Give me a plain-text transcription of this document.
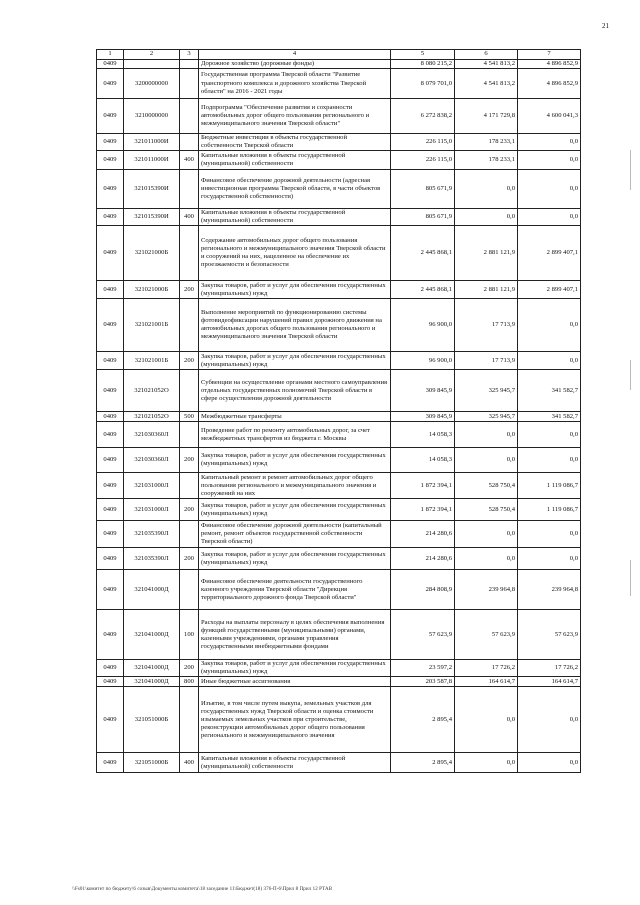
21
1	2	3	4	5	6	7
0409			Дорожное хозяйство (дорожные фонды)	8 080 215,2	4 541 813,2	4 896 852,9
0409	3200000000		Государственная программа Тверской области "Развитие транспортного комплекса и дорожного хозяйства Тверской области" на 2016 - 2021 годы	8 079 701,0	4 541 813,2	4 896 852,9
0409	3210000000		Подпрограмма "Обеспечение развития и сохранности автомобильных дорог общего пользования регионального и межмуниципального значения Тверской области"	6 272 838,2	4 171 729,8	4 600 041,3
0409	321011000И		Бюджетные инвестиции в объекты государственной собственности Тверской области	226 115,0	178 233,1	0,0
0409	321011000И	400	Капитальные вложения в объекты государственной (муниципальной) собственности	226 115,0	178 233,1	0,0
0409	321015390И		Финансовое обеспечение дорожной деятельности (адресная инвестиционная программа Тверской области, в части объектов государственной собственности)	805 671,9	0,0	0,0
0409	321015390И	400	Капитальные вложения в объекты государственной (муниципальной) собственности	805 671,9	0,0	0,0
0409	321021000Б		Содержание автомобильных дорог общего пользования регионального и межмуниципального значения Тверской области и сооружений на них, нацеленное на обеспечение их проезжаемости и безопасности	2 445 868,1	2 881 121,9	2 899 407,1
0409	321021000Б	200	Закупка товаров, работ и услуг для обеспечения государственных (муниципальных) нужд	2 445 868,1	2 881 121,9	2 899 407,1
0409	321021001Б		Выполнение мероприятий по функционированию системы фотовидеофиксации нарушений правил дорожного движения на автомобильных дорогах общего пользования регионального и межмуниципального значения Тверской области	96 900,0	17 713,9	0,0
0409	321021001Б	200	Закупка товаров, работ и услуг для обеспечения государственных (муниципальных) нужд	96 900,0	17 713,9	0,0
0409	321021052О		Субвенции на осуществление органами местного самоуправления отдельных государственных полномочий Тверской области в сфере осуществления дорожной деятельности	309 845,9	325 945,7	341 582,7
0409	321021052О	500	Межбюджетные трансферты	309 845,9	325 945,7	341 582,7
0409	321030360Л		Проведение работ по ремонту автомобильных дорог, за счет межбюджетных трансфертов из бюджета г. Москвы	14 058,3	0,0	0,0
0409	321030360Л	200	Закупка товаров, работ и услуг для обеспечения государственных (муниципальных) нужд	14 058,3	0,0	0,0
0409	321031000Л		Капитальный ремонт и ремонт автомобильных дорог общего пользования регионального и межмуниципального значения и сооружений на них	1 872 394,1	528 750,4	1 119 086,7
0409	321031000Л	200	Закупка товаров, работ и услуг для обеспечения государственных (муниципальных) нужд	1 872 394,1	528 750,4	1 119 086,7
0409	321035390Л		Финансовое обеспечение дорожной деятельности (капитальный ремонт, ремонт объектов государственной собственности Тверской области)	214 280,6	0,0	0,0
0409	321035390Л	200	Закупка товаров, работ и услуг для обеспечения государственных (муниципальных) нужд	214 280,6	0,0	0,0
0409	321041000Д		Финансовое обеспечение деятельности государственного казенного учреждения Тверской области "Дирекция территориального дорожного фонда Тверской области"	284 808,9	239 964,8	239 964,8
0409	321041000Д	100	Расходы на выплаты персоналу в целях обеспечения выполнения функций государственными (муниципальными) органами, казенными учреждениями, органами управления государственными внебюджетными фондами	57 623,9	57 623,9	57 623,9
0409	321041000Д	200	Закупка товаров, работ и услуг для обеспечения государственных (муниципальных) нужд	23 597,2	17 726,2	17 726,2
0409	321041000Д	800	Иные бюджетные ассигнования	203 587,8	164 614,7	164 614,7
0409	321051000Б		Изъятие, в том числе путем выкупа, земельных участков для государственных нужд Тверской области и оценка стоимости изымаемых земельных участков при строительстве, реконструкции автомобильных дорог общего пользования регионального и межмуниципального значения	2 895,4	0,0	0,0
0409	321051000Б	400	Капитальные вложения в объекты государственной (муниципальной) собственности	2 895,4	0,0	0,0
\\Fs01\комитет по бюджету\6 созыв\Документы комитета\18 заседание 11\Бюджет(18) 376-П-6\Прил 8 Прил 12 РТАВ
